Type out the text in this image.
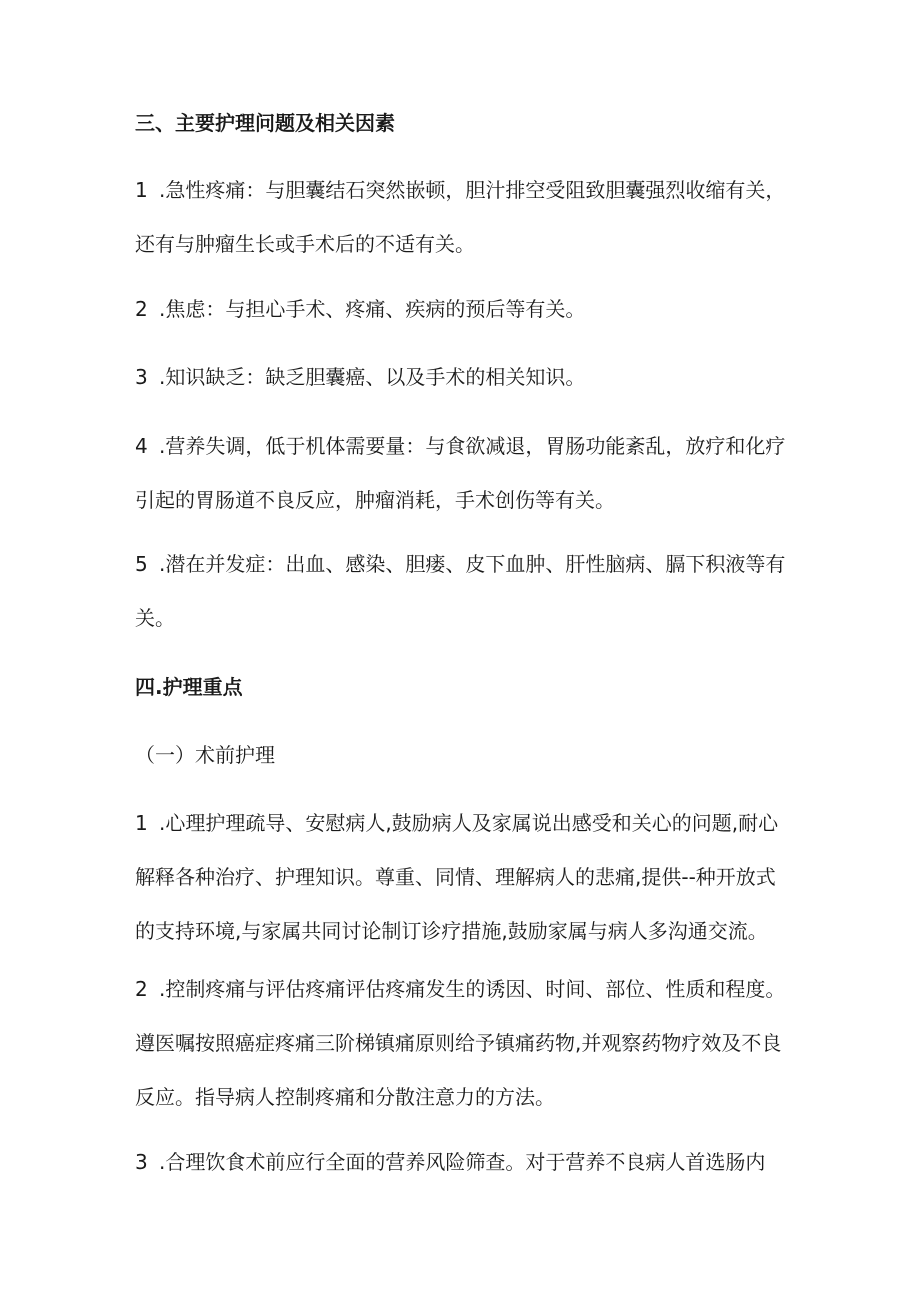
三、主要护理问题及相关因素
1 .急性疼痛：与胆囊结石突然嵌顿，胆汁排空受阻致胆囊强烈收缩有关，
还有与肿瘤生长或手术后的不适有关。
2 .焦虑：与担心手术、疼痛、疾病的预后等有关。
3 .知识缺乏：缺乏胆囊癌、以及手术的相关知识。
4 .营养失调，低于机体需要量：与食欲减退，胃肠功能紊乱，放疗和化疗
引起的胃肠道不良反应，肿瘤消耗，手术创伤等有关。
5 .潜在并发症：出血、感染、胆瘘、皮下血肿、肝性脑病、膈下积液等有
关。
四.护理重点
（一）术前护理
1 .心理护理疏导、安慰病人,鼓励病人及家属说出感受和关心的问题,耐心
解释各种治疗、护理知识。尊重、同情、理解病人的悲痛,提供--种开放式
的支持环境,与家属共同讨论制订诊疗措施,鼓励家属与病人多沟通交流。
2 .控制疼痛与评估疼痛评估疼痛发生的诱因、时间、部位、性质和程度。
遵医嘱按照癌症疼痛三阶梯镇痛原则给予镇痛药物,并观察药物疗效及不良
反应。指导病人控制疼痛和分散注意力的方法。
3 .合理饮食术前应行全面的营养风险筛查。对于营养不良病人首选肠内
